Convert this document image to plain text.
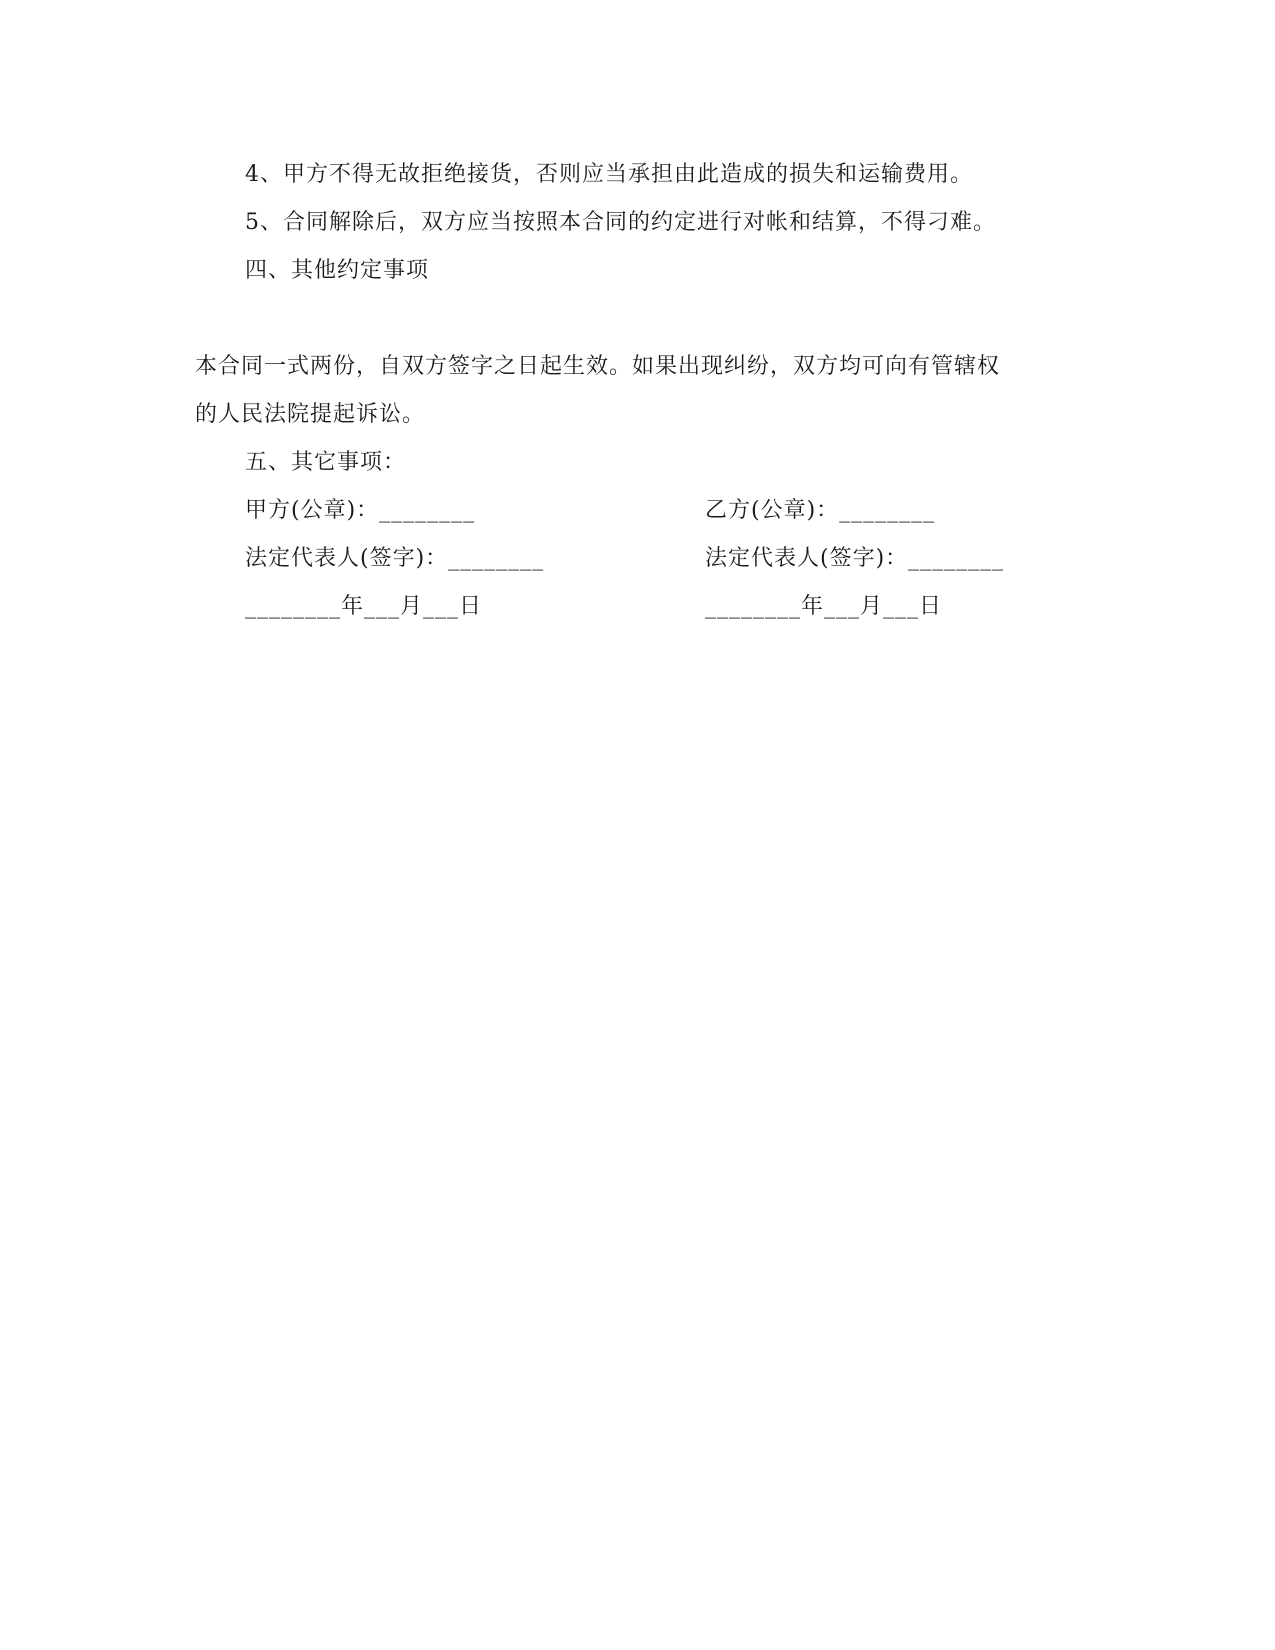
4、甲方不得无故拒绝接货，否则应当承担由此造成的损失和运输费用。
5、合同解除后，双方应当按照本合同的约定进行对帐和结算，不得刁难。
四、其他约定事项
本合同一式两份，自双方签字之日起生效。如果出现纠纷，双方均可向有管辖权
的人民法院提起诉讼。
五、其它事项：
甲方(公章)：________	乙方(公章)：________
法定代表人(签字)：________	法定代表人(签字)：________
________年___月___日	________年___月___日
